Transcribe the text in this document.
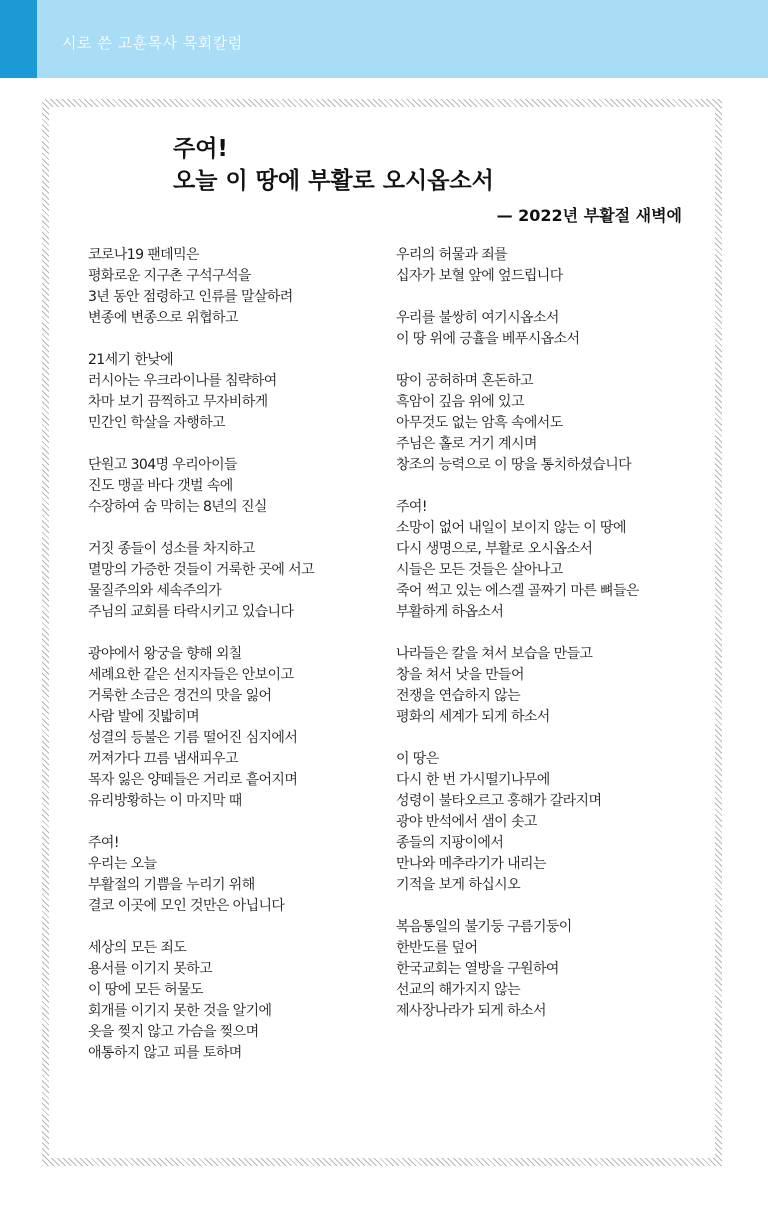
시로 쓴 고훈목사 목회칼럼
주여!
오늘 이 땅에 부활로 오시옵소서
— 2022년 부활절 새벽에
코로나19 팬데믹은
평화로운 지구촌 구석구석을
3년 동안 점령하고 인류를 말살하려
변종에 변종으로 위협하고
21세기 한낮에
러시아는 우크라이나를 침략하여
차마 보기 끔찍하고 무자비하게
민간인 학살을 자행하고
단원고 304명 우리아이들
진도 맹골 바다 갯벌 속에
수장하여 숨 막히는 8년의 진실
거짓 종들이 성소를 차지하고
멸망의 가증한 것들이 거룩한 곳에 서고
물질주의와 세속주의가
주님의 교회를 타락시키고 있습니다
광야에서 왕궁을 향해 외칠
세례요한 같은 선지자들은 안보이고
거룩한 소금은 경건의 맛을 잃어
사람 발에 짓밟히며
성결의 등불은 기름 떨어진 심지에서
꺼져가다 끄름 냄새피우고
목자 잃은 양떼들은 거리로 흩어지며
유리방황하는 이 마지막 때
주여!
우리는 오늘
부활절의 기쁨을 누리기 위해
결코 이곳에 모인 것만은 아닙니다
세상의 모든 죄도
용서를 이기지 못하고
이 땅에 모든 허물도
회개를 이기지 못한 것을 알기에
옷을 찢지 않고 가슴을 찢으며
애통하지 않고 피를 토하며
우리의 허물과 죄를
십자가 보혈 앞에 엎드립니다
우리를 불쌍히 여기시옵소서
이 땅 위에 긍휼을 베푸시옵소서
땅이 공허하며 혼돈하고
흑암이 깊음 위에 있고
아무것도 없는 암흑 속에서도
주님은 홀로 거기 계시며
창조의 능력으로 이 땅을 통치하셨습니다
주여!
소망이 없어 내일이 보이지 않는 이 땅에
다시 생명으로, 부활로 오시옵소서
시들은 모든 것들은 살아나고
죽어 썩고 있는 에스겔 골짜기 마른 뼈들은
부활하게 하옵소서
나라들은 칼을 쳐서 보습을 만들고
창을 쳐서 낫을 만들어
전쟁을 연습하지 않는
평화의 세계가 되게 하소서
이 땅은
다시 한 번 가시떨기나무에
성령이 불타오르고 홍해가 갈라지며
광야 반석에서 샘이 솟고
종들의 지팡이에서
만나와 메추라기가 내리는
기적을 보게 하십시오
복음통일의 불기둥 구름기둥이
한반도를 덮어
한국교회는 열방을 구원하여
선교의 해가지지 않는
제사장나라가 되게 하소서
